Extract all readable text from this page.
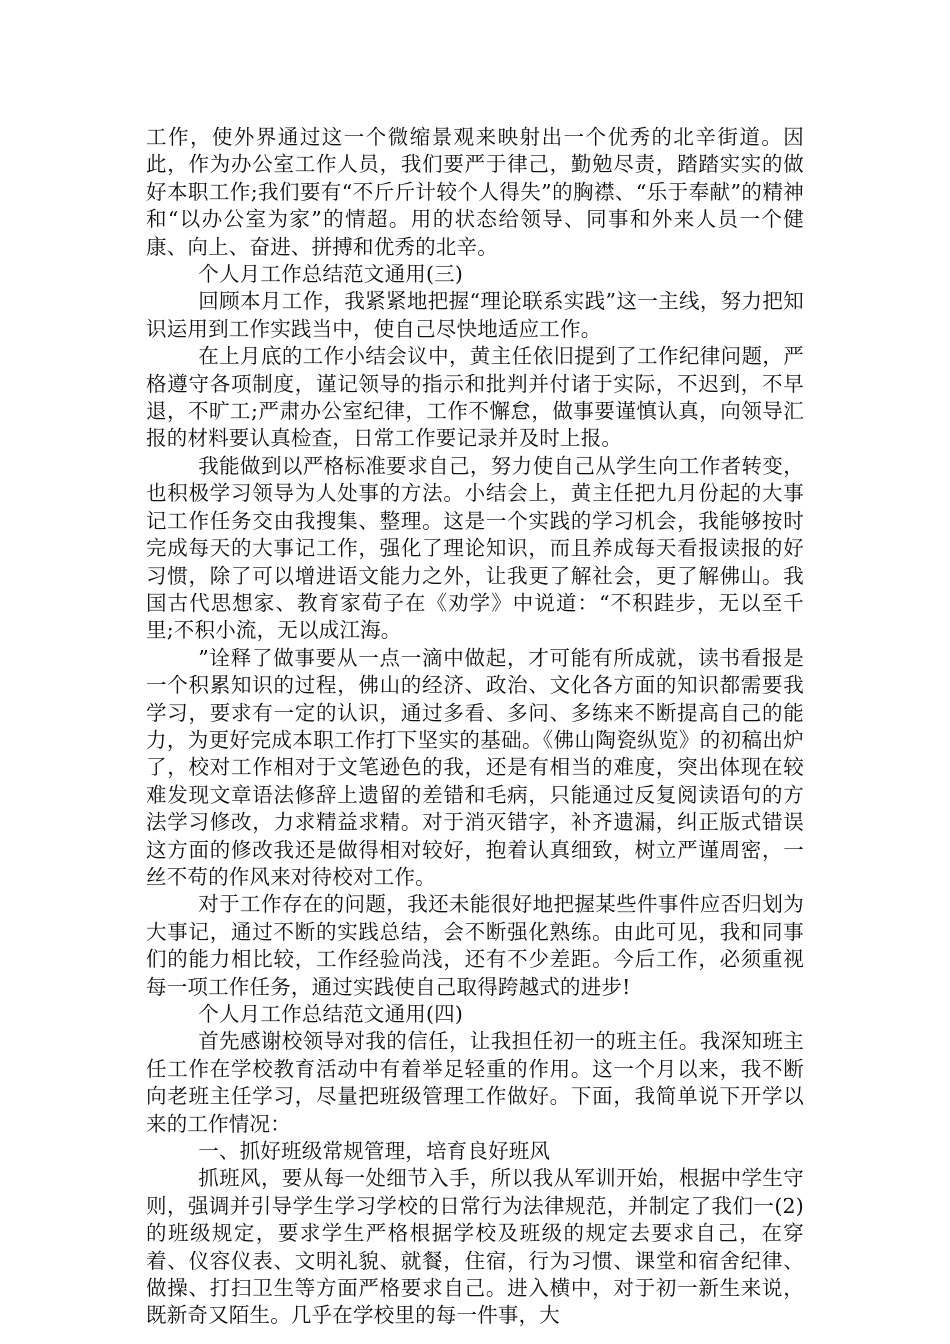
工作，使外界通过这一个微缩景观来映射出一个优秀的北辛街道。因此，作为办公室工作人员，我们要严于律己，勤勉尽责，踏踏实实的做好本职工作;我们要有“不斤斤计较个人得失”的胸襟、“乐于奉献”的精神和“以办公室为家”的情超。用的状态给领导、同事和外来人员一个健康、向上、奋进、拼搏和优秀的北辛。

个人月工作总结范文通用(三)

回顾本月工作，我紧紧地把握“理论联系实践”这一主线，努力把知识运用到工作实践当中，使自己尽快地适应工作。

在上月底的工作小结会议中，黄主任依旧提到了工作纪律问题，严格遵守各项制度，谨记领导的指示和批判并付诸于实际，不迟到，不早退，不旷工;严肃办公室纪律，工作不懈怠，做事要谨慎认真，向领导汇报的材料要认真检查，日常工作要记录并及时上报。

我能做到以严格标准要求自己，努力使自己从学生向工作者转变，也积极学习领导为人处事的方法。小结会上，黄主任把九月份起的大事记工作任务交由我搜集、整理。这是一个实践的学习机会，我能够按时完成每天的大事记工作，强化了理论知识，而且养成每天看报读报的好习惯，除了可以增进语文能力之外，让我更了解社会，更了解佛山。我国古代思想家、教育家荀子在《劝学》中说道：“不积跬步，无以至千里;不积小流，无以成江海。

”诠释了做事要从一点一滴中做起，才可能有所成就，读书看报是一个积累知识的过程，佛山的经济、政治、文化各方面的知识都需要我学习，要求有一定的认识，通过多看、多问、多练来不断提高自己的能力，为更好完成本职工作打下坚实的基础。《佛山陶瓷纵览》的初稿出炉了，校对工作相对于文笔逊色的我，还是有相当的难度，突出体现在较难发现文章语法修辞上遗留的差错和毛病，只能通过反复阅读语句的方法学习修改，力求精益求精。对于消灭错字，补齐遗漏，纠正版式错误这方面的修改我还是做得相对较好，抱着认真细致，树立严谨周密，一丝不苟的作风来对待校对工作。

对于工作存在的问题，我还未能很好地把握某些件事件应否归划为大事记，通过不断的实践总结，会不断强化熟练。由此可见，我和同事们的能力相比较，工作经验尚浅，还有不少差距。今后工作，必须重视每一项工作任务，通过实践使自己取得跨越式的进步!

个人月工作总结范文通用(四)

首先感谢校领导对我的信任，让我担任初一的班主任。我深知班主任工作在学校教育活动中有着举足轻重的作用。这一个月以来，我不断向老班主任学习，尽量把班级管理工作做好。下面，我简单说下开学以来的工作情况：

一、抓好班级常规管理，培育良好班风

抓班风，要从每一处细节入手，所以我从军训开始，根据中学生守则，强调并引导学生学习学校的日常行为法律规范，并制定了我们一(2)的班级规定，要求学生严格根据学校及班级的规定去要求自己，在穿着、仪容仪表、文明礼貌、就餐，住宿，行为习惯、课堂和宿舍纪律、做操、打扫卫生等方面严格要求自己。进入横中，对于初一新生来说，既新奇又陌生。几乎在学校里的每一件事，大
